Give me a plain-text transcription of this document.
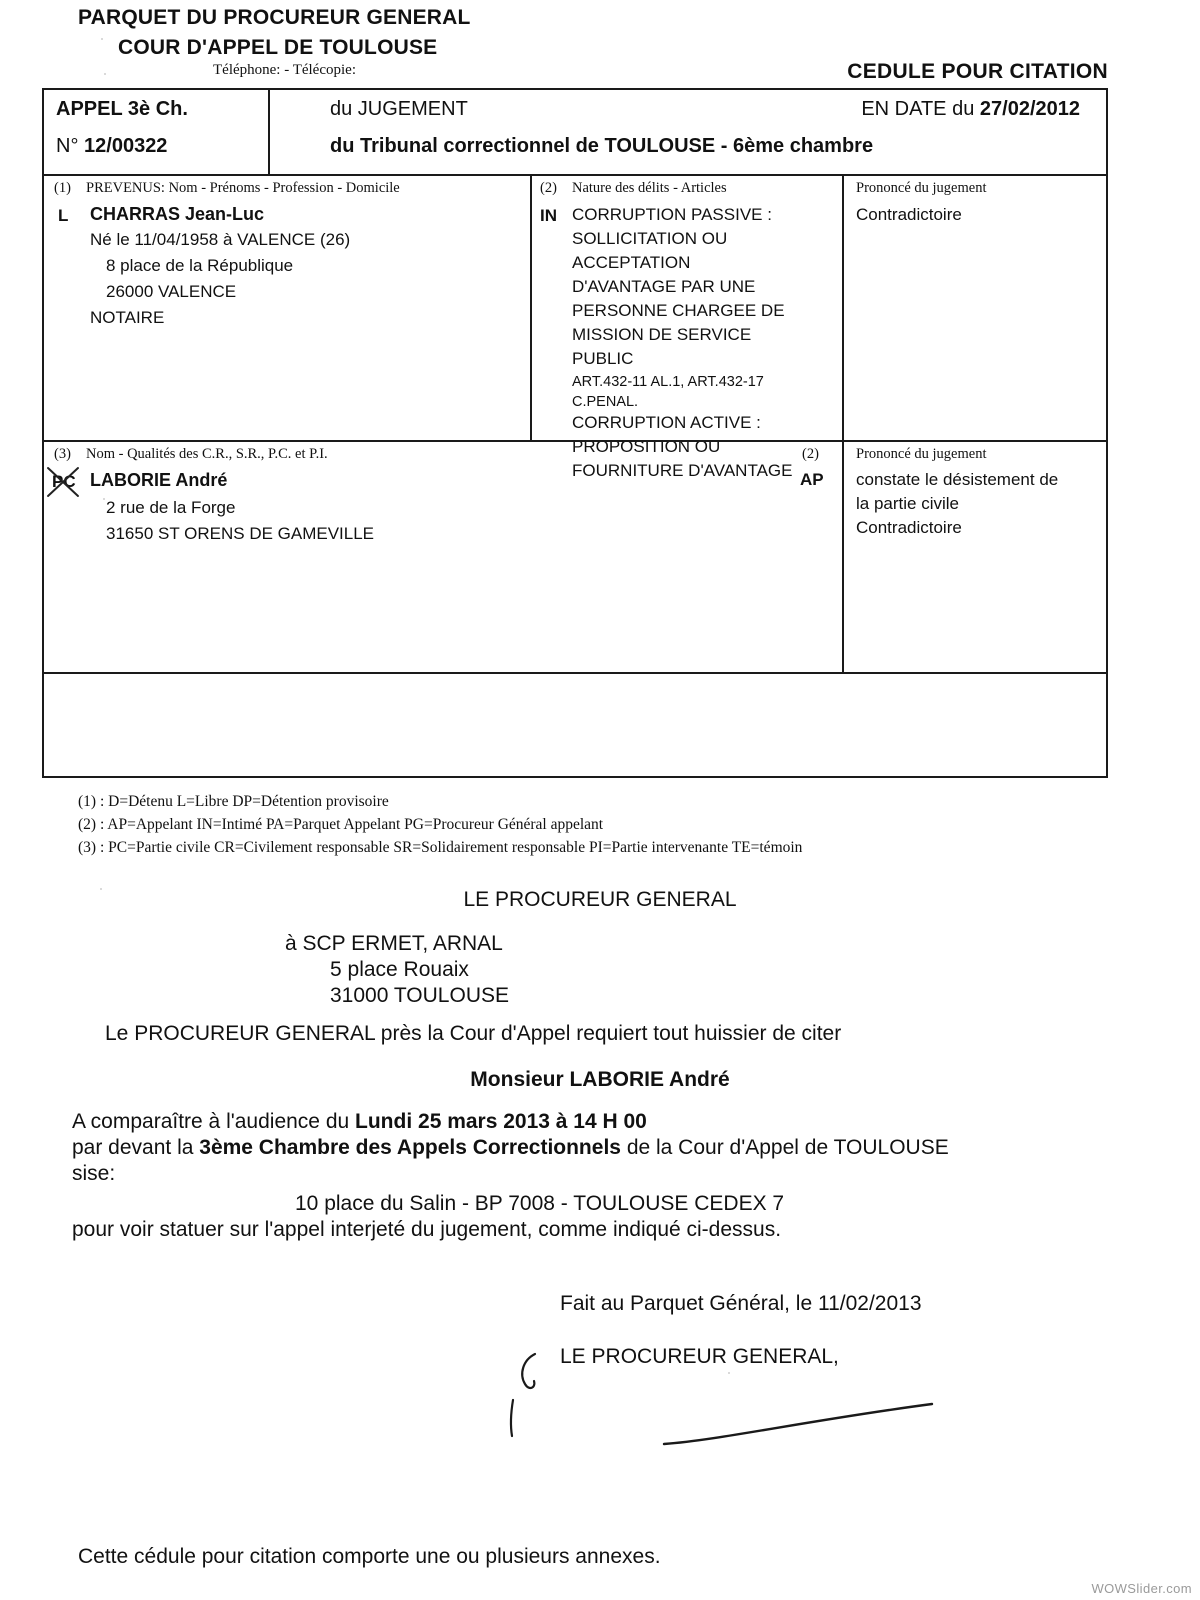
PARQUET DU PROCUREUR GENERAL
COUR D'APPEL DE TOULOUSE
Téléphone: - Télécopie:	CEDULE POUR CITATION
APPEL 3è Ch.
N° 12/00322
du JUGEMENT	EN DATE du 27/02/2012
du Tribunal correctionnel de TOULOUSE - 6ème chambre
(1) PREVENUS: Nom - Prénoms - Profession - Domicile
L CHARRAS Jean-Luc
Né le 11/04/1958 à VALENCE (26)
8 place de la République
26000 VALENCE
NOTAIRE
(2) Nature des délits - Articles
IN CORRUPTION PASSIVE :
SOLLICITATION OU
ACCEPTATION
D'AVANTAGE PAR UNE
PERSONNE CHARGEE DE
MISSION DE SERVICE
PUBLIC
ART.432-11 AL.1, ART.432-17
C.PENAL.
CORRUPTION ACTIVE :
PROPOSITION OU
FOURNITURE D'AVANTAGE
Prononcé du jugement
Contradictoire
(3) Nom - Qualités des C.R., S.R., P.C. et P.I.
PC LABORIE André
2 rue de la Forge
31650 ST ORENS DE GAMEVILLE
(2)
AP
Prononcé du jugement
constate le désistement de
la partie civile
Contradictoire
(1) : D=Détenu L=Libre DP=Détention provisoire
(2) : AP=Appelant IN=Intimé PA=Parquet Appelant PG=Procureur Général appelant
(3) : PC=Partie civile CR=Civilement responsable SR=Solidairement responsable PI=Partie intervenante TE=témoin
LE PROCUREUR GENERAL
à SCP ERMET, ARNAL
5 place Rouaix
31000 TOULOUSE
Le PROCUREUR GENERAL près la Cour d'Appel requiert tout huissier de citer
Monsieur LABORIE André
A comparaître à l'audience du Lundi 25 mars 2013 à 14 H 00
par devant la 3ème Chambre des Appels Correctionnels de la Cour d'Appel de TOULOUSE
sise:
10 place du Salin - BP 7008 - TOULOUSE CEDEX 7
pour voir statuer sur l'appel interjeté du jugement, comme indiqué ci-dessus.
Fait au Parquet Général, le 11/02/2013
LE PROCUREUR GENERAL,
Cette cédule pour citation comporte une ou plusieurs annexes.
WOWSlider.com
